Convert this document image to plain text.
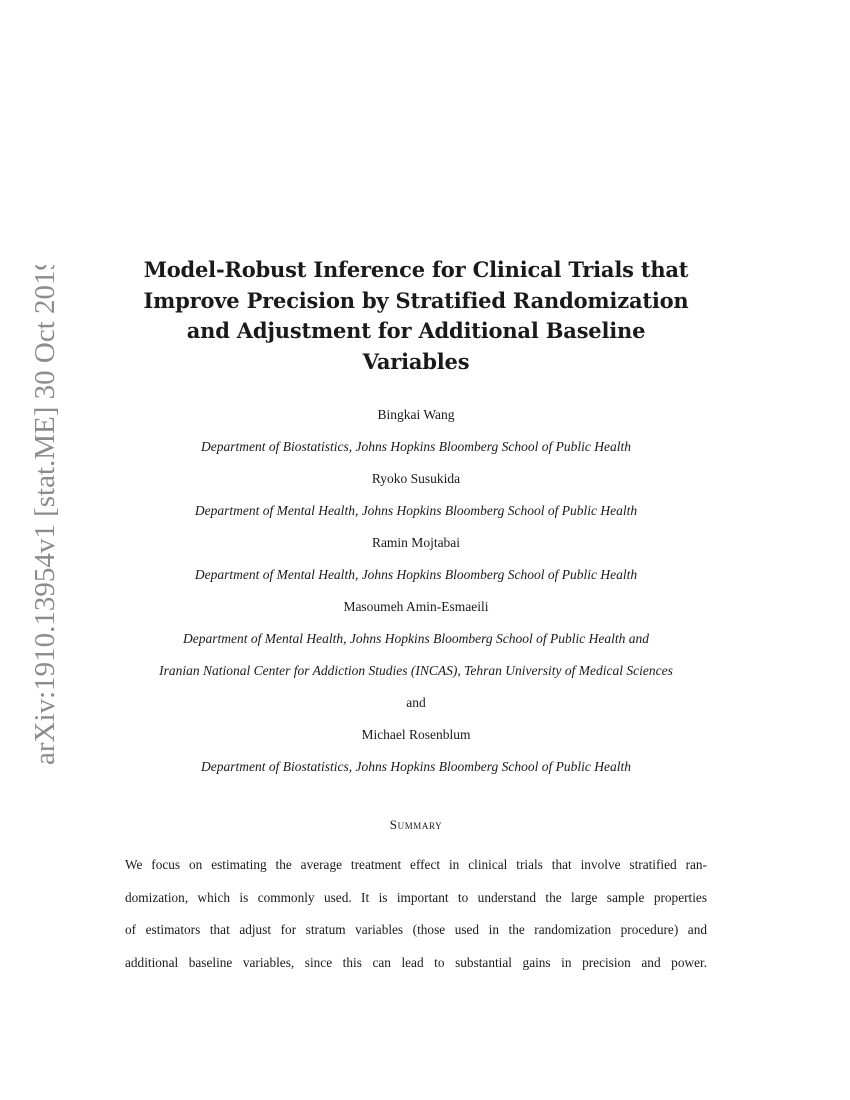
arXiv:1910.13954v1 [stat.ME] 30 Oct 2019	Model-Robust Inference for Clinical Trials that
Improve Precision by Stratified Randomization
and Adjustment for Additional Baseline
Variables
Bingkai Wang
Department of Biostatistics, Johns Hopkins Bloomberg School of Public Health
Ryoko Susukida
Department of Mental Health, Johns Hopkins Bloomberg School of Public Health
Ramin Mojtabai
Department of Mental Health, Johns Hopkins Bloomberg School of Public Health
Masoumeh Amin-Esmaeili
Department of Mental Health, Johns Hopkins Bloomberg School of Public Health and
Iranian National Center for Addiction Studies (INCAS), Tehran University of Medical Sciences
and
Michael Rosenblum
Department of Biostatistics, Johns Hopkins Bloomberg School of Public Health
Summary
We focus on estimating the average treatment effect in clinical trials that involve stratified ran-
domization, which is commonly used. It is important to understand the large sample properties
of estimators that adjust for stratum variables (those used in the randomization procedure) and
additional baseline variables, since this can lead to substantial gains in precision and power.
